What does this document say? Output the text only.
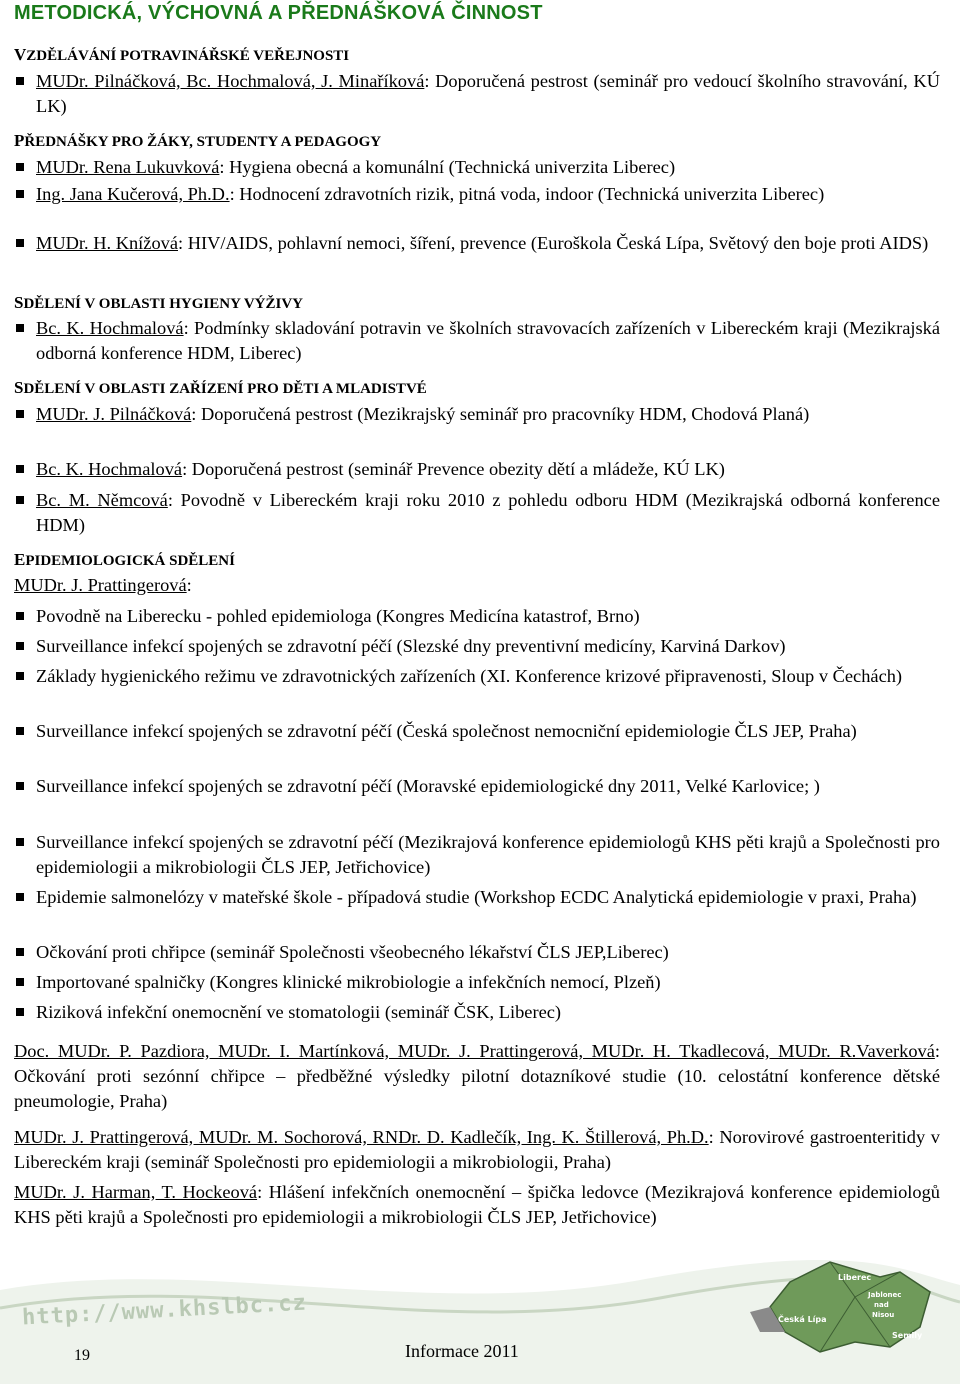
METODICKÁ, VÝCHOVNÁ A PŘEDNÁŠKOVÁ ČINNOST
VZDĚLÁVÁNÍ POTRAVINÁŘSKÉ VEŘEJNOSTI
MUDr. Pilnáčková, Bc. Hochmalová, J. Minaříková: Doporučená pestrost (seminář pro vedoucí školního stravování, KÚ LK)
PŘEDNÁŠKY PRO ŽÁKY, STUDENTY A PEDAGOGY
MUDr. Rena Lukuvková: Hygiena obecná a komunální (Technická univerzita Liberec)
Ing. Jana Kučerová, Ph.D.: Hodnocení zdravotních rizik, pitná voda, indoor (Technická univerzita Liberec)
MUDr. H. Knížová: HIV/AIDS, pohlavní nemoci, šíření, prevence (Euroškola Česká Lípa, Světový den boje proti AIDS)
SDĚLENÍ V OBLASTI HYGIENY VÝŽIVY
Bc. K. Hochmalová: Podmínky skladování potravin ve školních stravovacích zařízeních v Libereckém kraji (Mezikrajská odborná konference HDM, Liberec)
SDĚLENÍ V OBLASTI ZAŘÍZENÍ PRO DĚTI A MLADISTVÉ
MUDr. J. Pilnáčková: Doporučená pestrost (Mezikrajský seminář pro pracovníky HDM, Chodová Planá)
Bc. K. Hochmalová: Doporučená pestrost (seminář Prevence obezity dětí a mládeže, KÚ LK)
Bc. M. Němcová: Povodně v Libereckém kraji roku 2010 z pohledu odboru HDM (Mezikrajská odborná konference HDM)
EPIDEMIOLOGICKÁ SDĚLENÍ
MUDr. J. Prattingerová:
Povodně na Liberecku - pohled epidemiologa (Kongres Medicína katastrof, Brno)
Surveillance infekcí spojených se zdravotní péčí (Slezské dny preventivní medicíny, Karviná Darkov)
Základy hygienického režimu ve zdravotnických zařízeních (XI. Konference krizové připravenosti, Sloup v Čechách)
Surveillance infekcí spojených se zdravotní péčí (Česká společnost nemocniční epidemiologie ČLS JEP, Praha)
Surveillance infekcí spojených se zdravotní péčí (Moravské epidemiologické dny 2011, Velké Karlovice; )
Surveillance infekcí spojených se zdravotní péčí (Mezikrajová konference epidemiologů KHS pěti krajů a Společnosti pro epidemiologii a mikrobiologii ČLS JEP, Jetřichovice)
Epidemie salmonelózy v mateřské škole - případová studie (Workshop ECDC Analytická epidemiologie v praxi, Praha)
Očkování proti chřipce (seminář Společnosti všeobecného lékařství ČLS JEP,Liberec)
Importované spalničky (Kongres klinické mikrobiologie a infekčních nemocí, Plzeň)
Riziková infekční onemocnění ve stomatologii (seminář ČSK, Liberec)
Doc. MUDr. P. Pazdiora, MUDr. I. Martínková, MUDr. J. Prattingerová, MUDr. H. Tkadlecová, MUDr. R.Vaverková: Očkování proti sezónní chřipce – předběžné výsledky pilotní dotazníkové studie (10. celostátní konference dětské pneumologie, Praha)
MUDr. J. Prattingerová, MUDr. M. Sochorová, RNDr. D. Kadlečík, Ing. K. Štillerová, Ph.D.: Norovirové gastroenteritidy v Libereckém kraji (seminář Společnosti pro epidemiologii a mikrobiologii, Praha)
MUDr. J. Harman, T. Hockeová: Hlášení infekčních onemocnění – špička ledovce (Mezikrajová konference epidemiologů KHS pěti krajů a Společnosti pro epidemiologii a mikrobiologii ČLS JEP, Jetřichovice)
Liberec
Jablonec
nad
Nisou
Česká Lípa
Semily
http://www.khslbc.cz
19	Informace 2011
